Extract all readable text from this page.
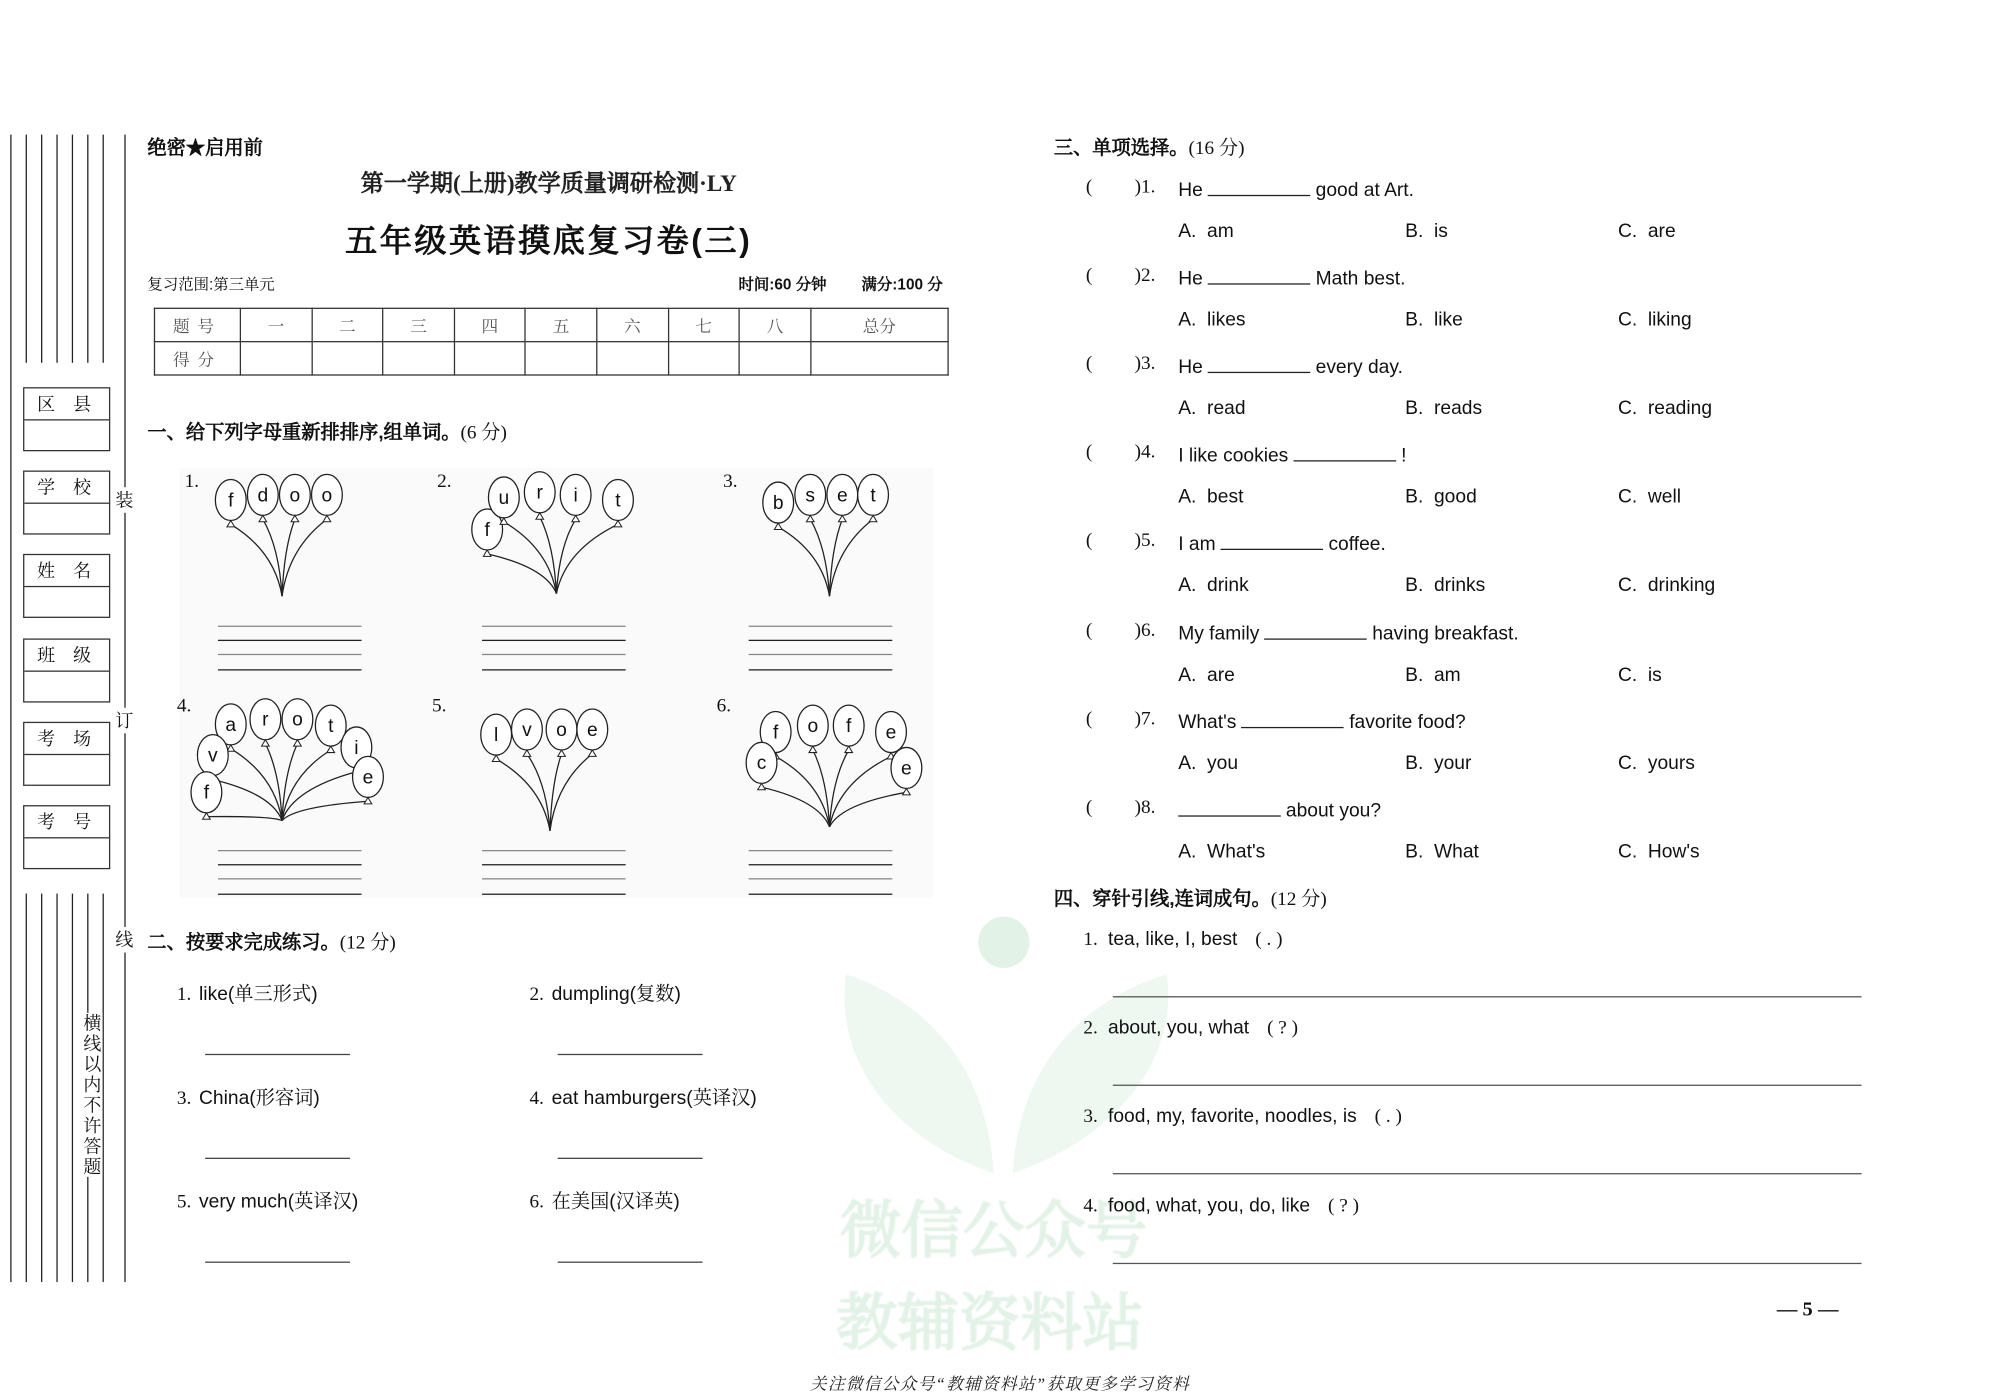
区县
学校
姓名
班级
考场
考号
装
订
线
横线以内不许答题
绝密★启用前
第一学期(上册)教学质量调研检测·LY
五年级英语摸底复习卷(三)
复习范围:第三单元	时间:60 分钟	满分:100 分
题号	一	二	三	四	五	六	七	八	总分
得分									
一、给下列字母重新排排序,组单词。(6 分)
f d o o
f
u r i t	b s e t
a r o t
i
e
v
f
l v o e	f o f e
e
c
1.	2.	3.
4.	5.	6.
二、按要求完成练习。(12 分)
1. like(单三形式)	2. dumpling(复数)
3. China(形容词)	4. eat hamburgers(英译汉)
5. very much(英译汉)	6. 在美国(汉译英)
三、单项选择。(16 分)
(	)1. He	good at Art.
A.  am	B.  is	C.  are
(	)2. He	Math best.
A.  likes	B.  like	C.  liking
(	)3. He	every day.
A.  read	B.  reads	C.  reading
(	)4. I like cookies	!
A.  best	B.  good	C.  well
(	)5. I am	coffee.
A.  drink	B.  drinks	C.  drinking
(	)6. My family	having breakfast.
A.  are	B.  am	C.  is
(	)7. What's	favorite food?
A.  you	B.  your	C.  yours
(	)8.	about you?
A.  What's	B.  What	C.  How's
四、穿针引线,连词成句。(12 分)
1. tea, like, I, best ( . )
2. about, you, what ( ? )
3. food, my, favorite, noodles, is ( . )
4. food, what, you, do, like ( ? )
— 5 —
关注微信公众号“教辅资料站”获取更多学习资料
